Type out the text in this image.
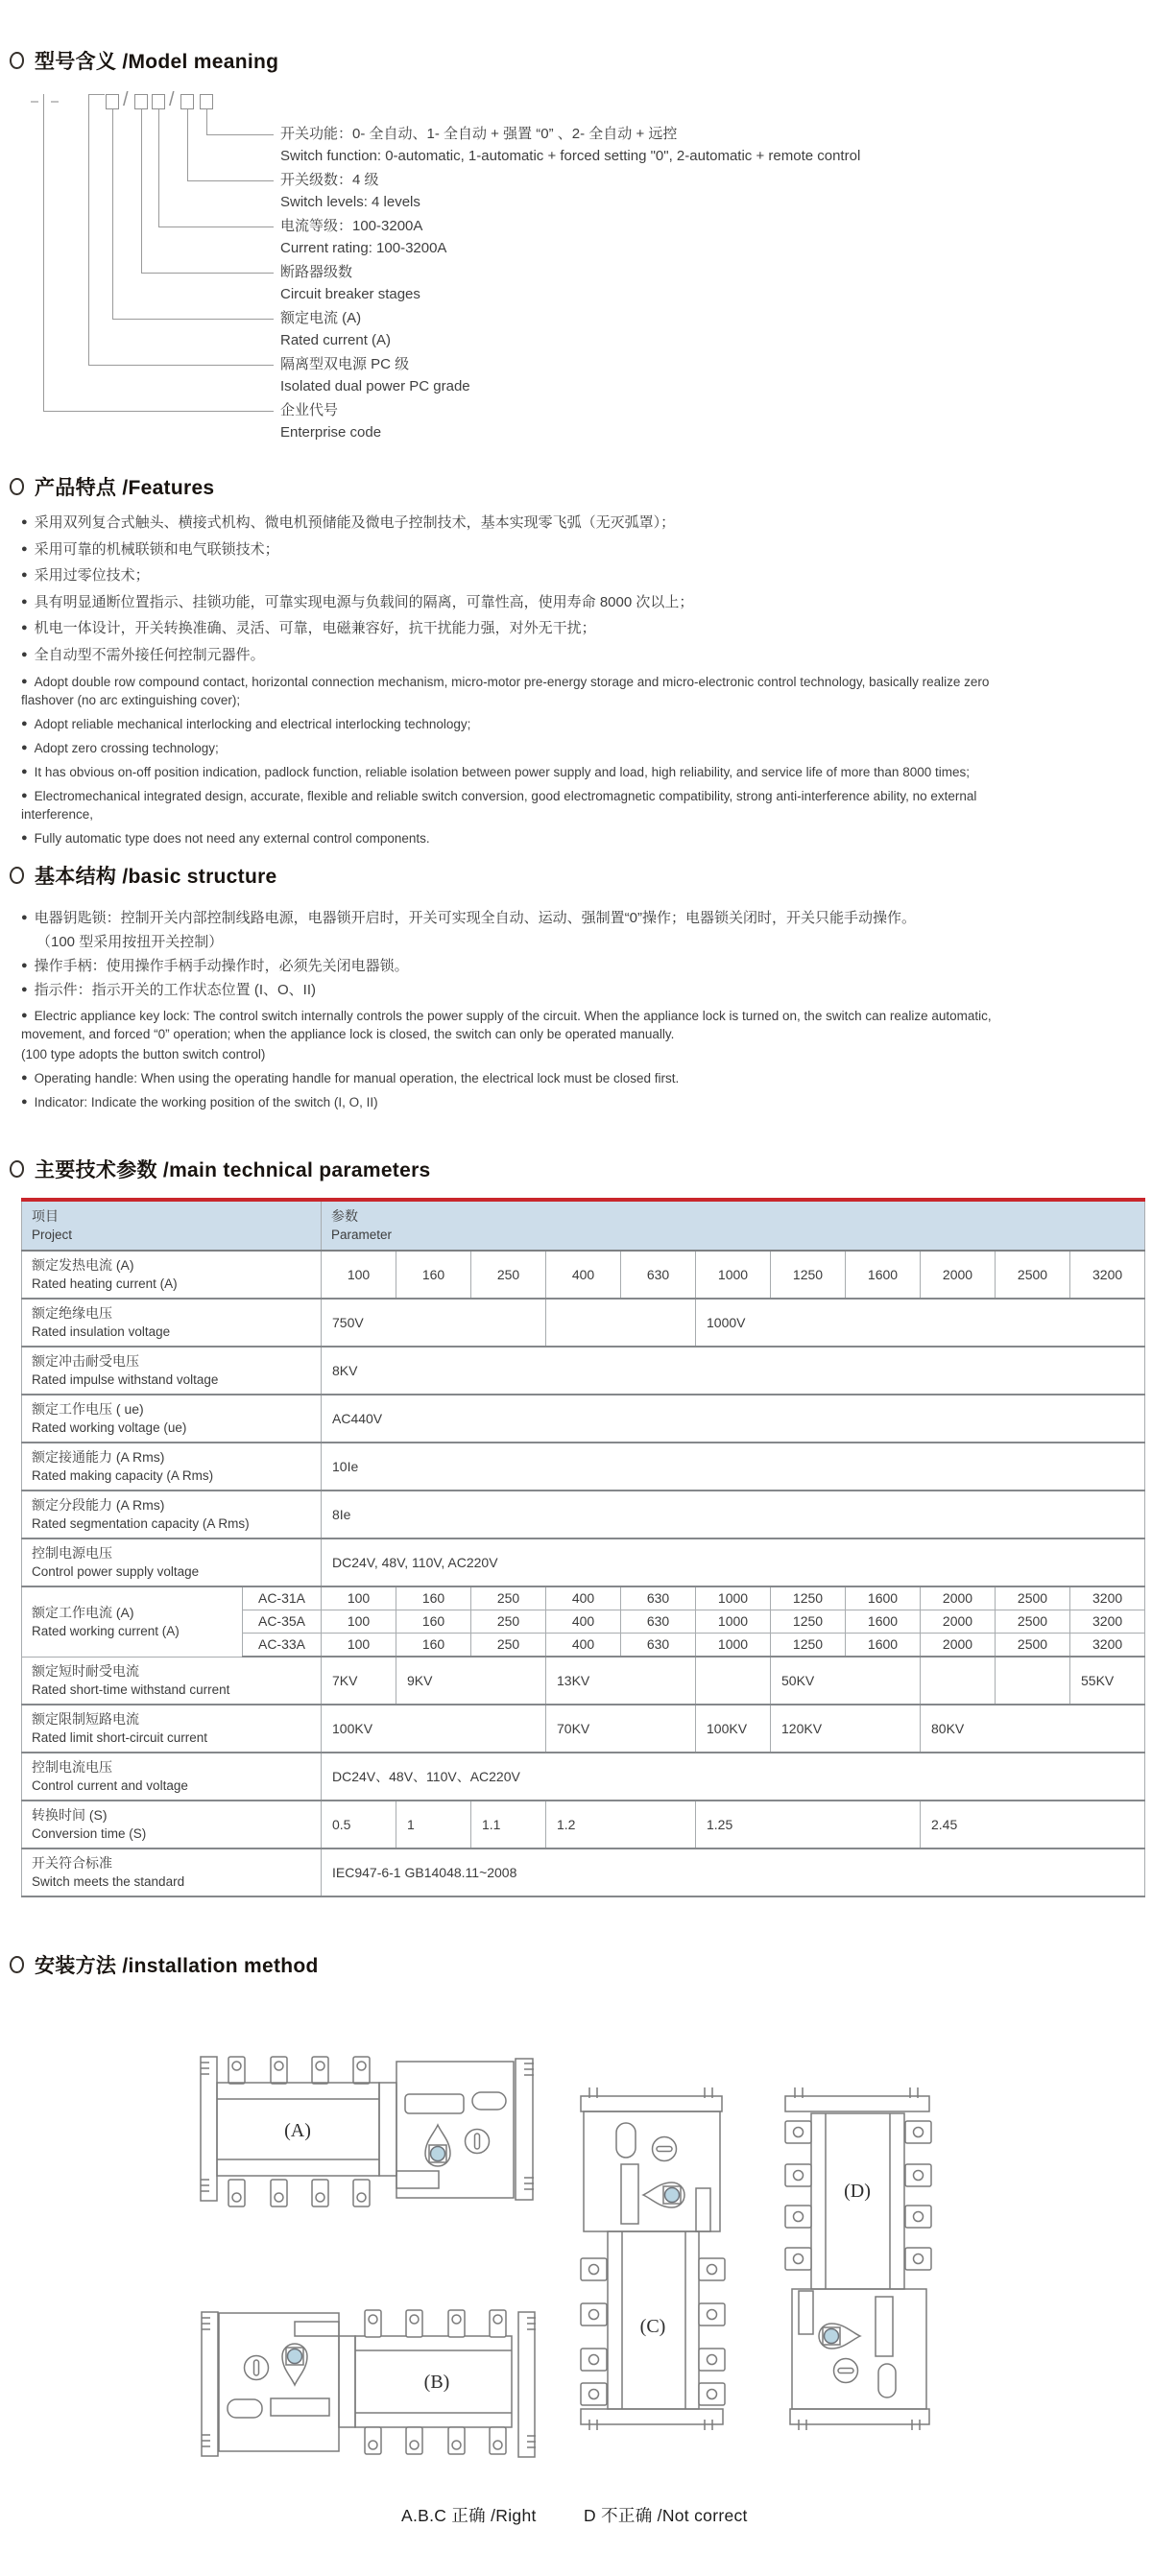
型号含义 /Model meaning
/ /
开关功能：0- 全自动、1- 全自动 + 强置 “0” 、2- 全自动 + 远控
Switch function: 0-automatic, 1-automatic + forced setting "0", 2-automatic + remote control
开关级数：4 级
Switch levels: 4 levels
电流等级：100-3200A
Current rating: 100-3200A
断路器级数
Circuit breaker stages
额定电流 (A)
Rated current (A)
隔离型双电源 PC 级
Isolated dual power PC grade
企业代号
Enterprise code
产品特点 /Features
● 采用双列复合式触头、横接式机构、微电机预储能及微电子控制技术，基本实现零飞弧（无灭弧罩）；
● 采用可靠的机械联锁和电气联锁技术；
● 采用过零位技术；
● 具有明显通断位置指示、挂锁功能，可靠实现电源与负载间的隔离，可靠性高，使用寿命 8000 次以上；
● 机电一体设计，开关转换准确、灵活、可靠，电磁兼容好，抗干扰能力强，对外无干扰；
● 全自动型不需外接任何控制元器件。
● Adopt double row compound contact, horizontal connection mechanism, micro-motor pre-energy storage and micro-electronic control technology, basically realize zero flashover (no arc extinguishing cover);
● Adopt reliable mechanical interlocking and electrical interlocking technology;
● Adopt zero crossing technology;
● It has obvious on-off position indication, padlock function, reliable isolation between power supply and load, high reliability, and service life of more than 8000 times;
● Electromechanical integrated design, accurate, flexible and reliable switch conversion, good electromagnetic compatibility, strong anti-interference ability, no external interference,
● Fully automatic type does not need any external control components.
基本结构 /basic structure
● 电器钥匙锁：控制开关内部控制线路电源，电器锁开启时，开关可实现全自动、运动、强制置“0”操作；电器锁关闭时，开关只能手动操作。
（100 型采用按扭开关控制）
● 操作手柄：使用操作手柄手动操作时，必须先关闭电器锁。
● 指示件：指示开关的工作状态位置 (I、O、II)
● Electric appliance key lock: The control switch internally controls the power supply of the circuit. When the appliance lock is turned on, the switch can realize automatic, movement, and forced “0” operation; when the appliance lock is closed, the switch can only be operated manually.
(100 type adopts the button switch control)
● Operating handle: When using the operating handle for manual operation, the electrical lock must be closed first.
● Indicator: Indicate the working position of the switch (I, O, II)
主要技术参数 /main technical parameters
项目
Project

参数
Parameter

额定发热电流 (A)
Rated heating current (A)		100	160	250	400	630	1000	1250	1600	2000	2500	3200

额定绝缘电压
Rated insulation voltage		750V					1000V					

额定冲击耐受电压
Rated impulse withstand voltage		8KV										

额定工作电压 ( ue)
Rated working voltage (ue)		AC440V										

额定接通能力 (A Rms)
Rated making capacity (A Rms)		10Ie										

额定分段能力 (A Rms)
Rated segmentation capacity (A Rms)		8Ie										

控制电源电压
Control power supply voltage		DC24V, 48V, 110V, AC220V										

额定工作电流 (A)
Rated working current (A)	AC-31A	100	160	250	400	630	1000	1250	1600	2000	2500	3200
	AC-35A	100	160	250	400	630	1000	1250	1600	2000	2500	3200
	AC-33A	100	160	250	400	630	1000	1250	1600	2000	2500	3200

额定短时耐受电流
Rated short-time withstand current		7KV	9KV		13KV			50KV				55KV

额定限制短路电流
Rated limit short-circuit current		100KV			70KV		100KV	120KV		80KV		

控制电流电压
Control current and voltage		DC24V、48V、110V、AC220V										

转换时间 (S)
Conversion time (S)		0.5	1	1.1	1.2		1.25			2.45		

开关符合标准
Switch meets the standard		IEC947-6-1 GB14048.11~2008										
安装方法 /installation method
(A)
(B)
(C)
(D)
A.B.C 正确 /Right	D 不正确 /Not correct
